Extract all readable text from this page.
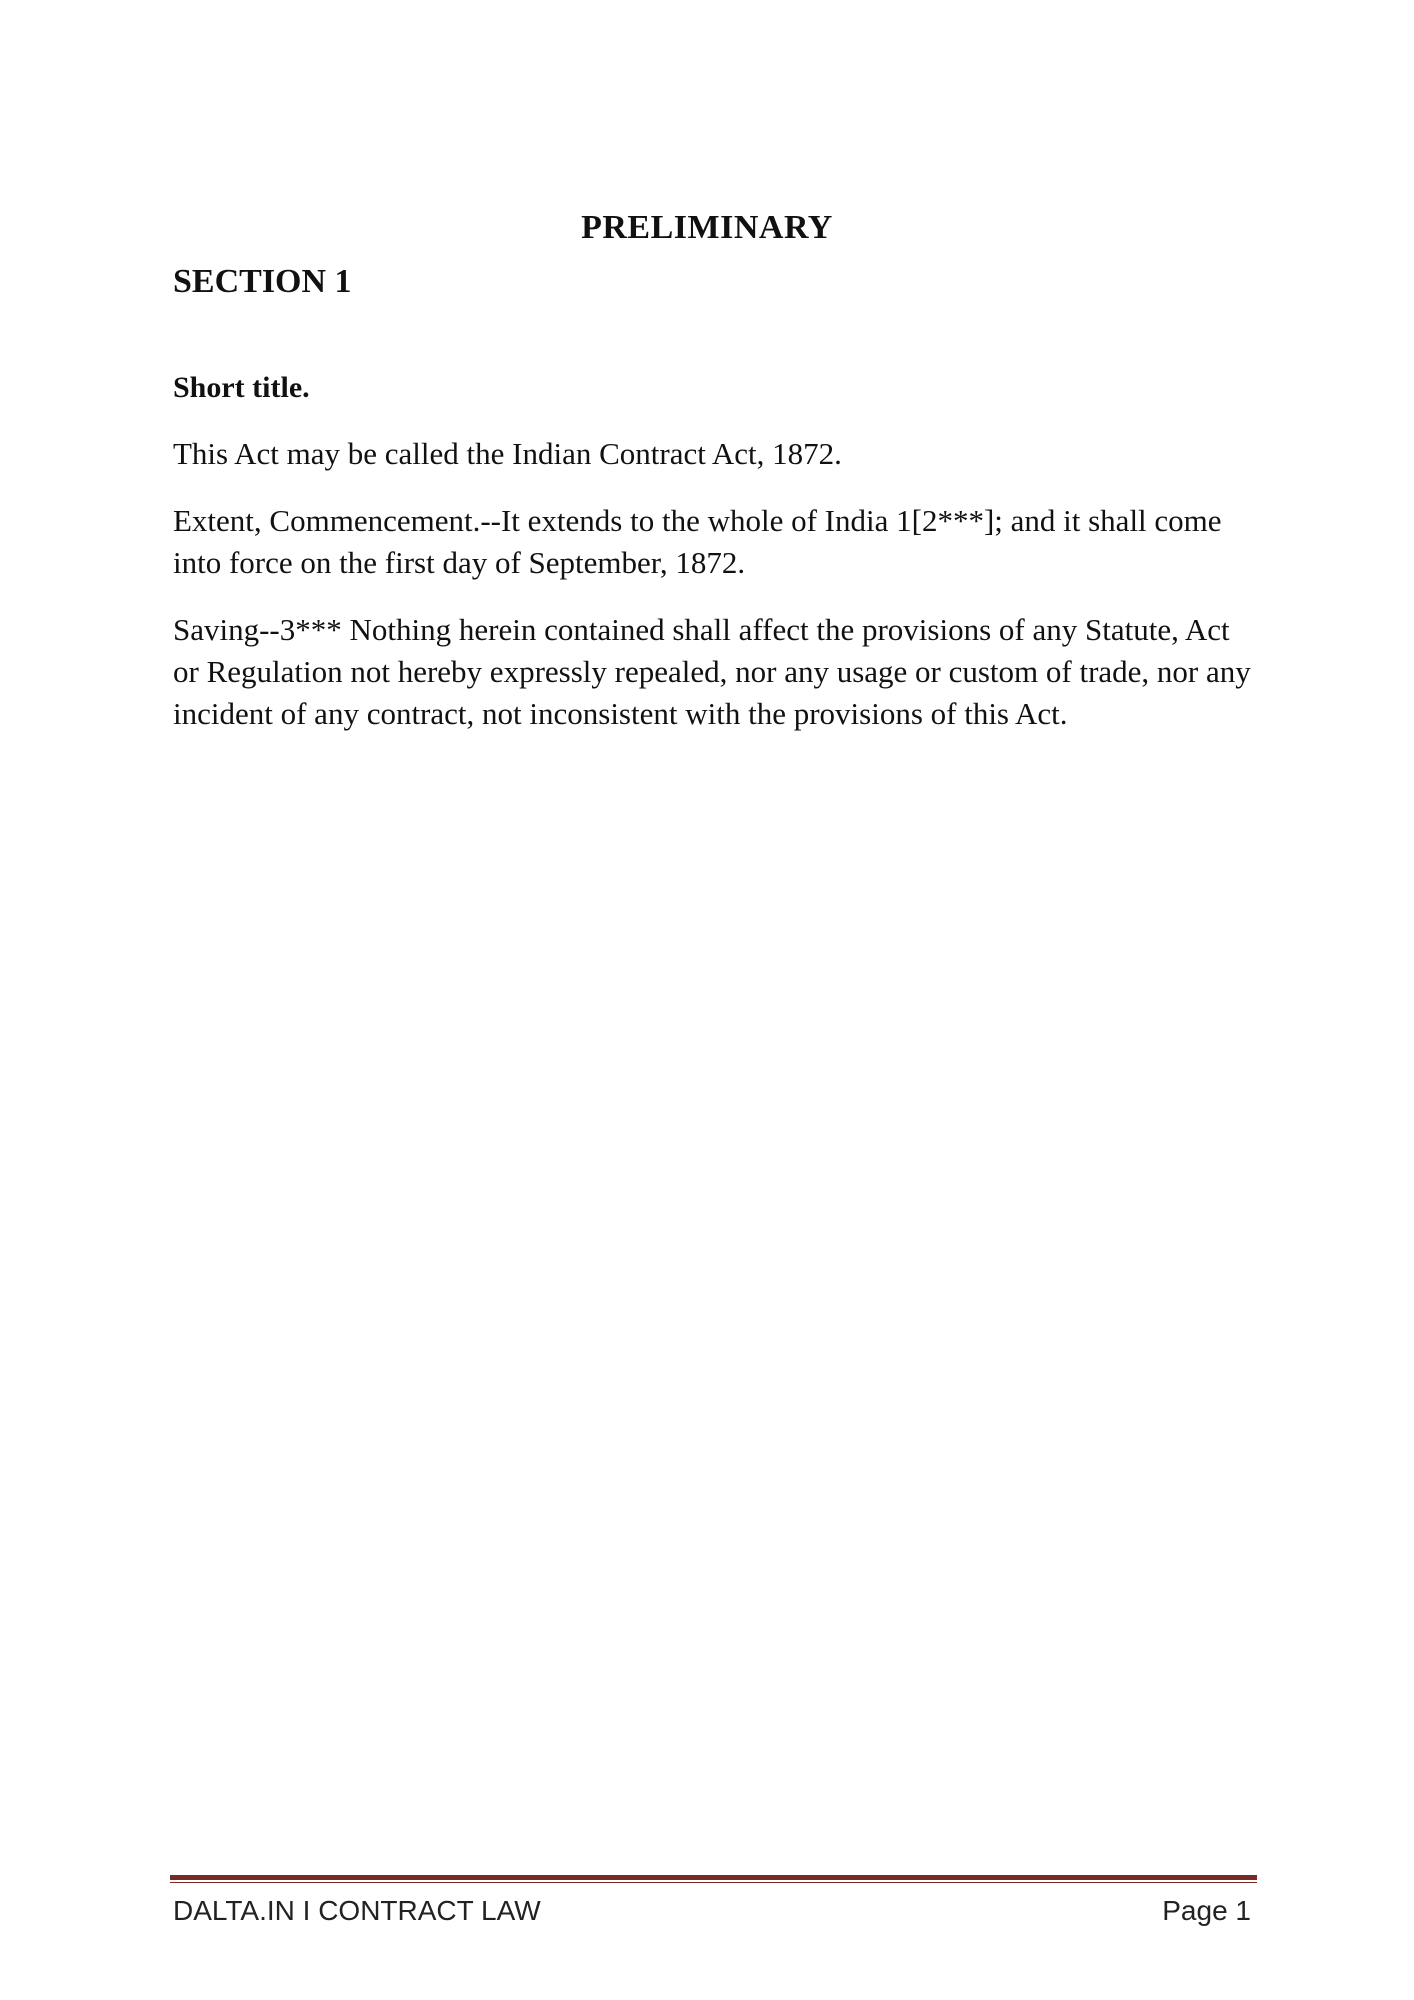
PRELIMINARY
SECTION 1
Short title.

This Act may be called the Indian Contract Act, 1872.

Extent, Commencement.--It extends to the whole of India 1[2***]; and it shall come into force on the first day of September, 1872.

Saving--3*** Nothing herein contained shall affect the provisions of any Statute, Act or Regulation not hereby expressly repealed, nor any usage or custom of trade, nor any incident of any contract, not inconsistent with the provisions of this Act.

DALTA.IN I CONTRACT LAW	Page 1
